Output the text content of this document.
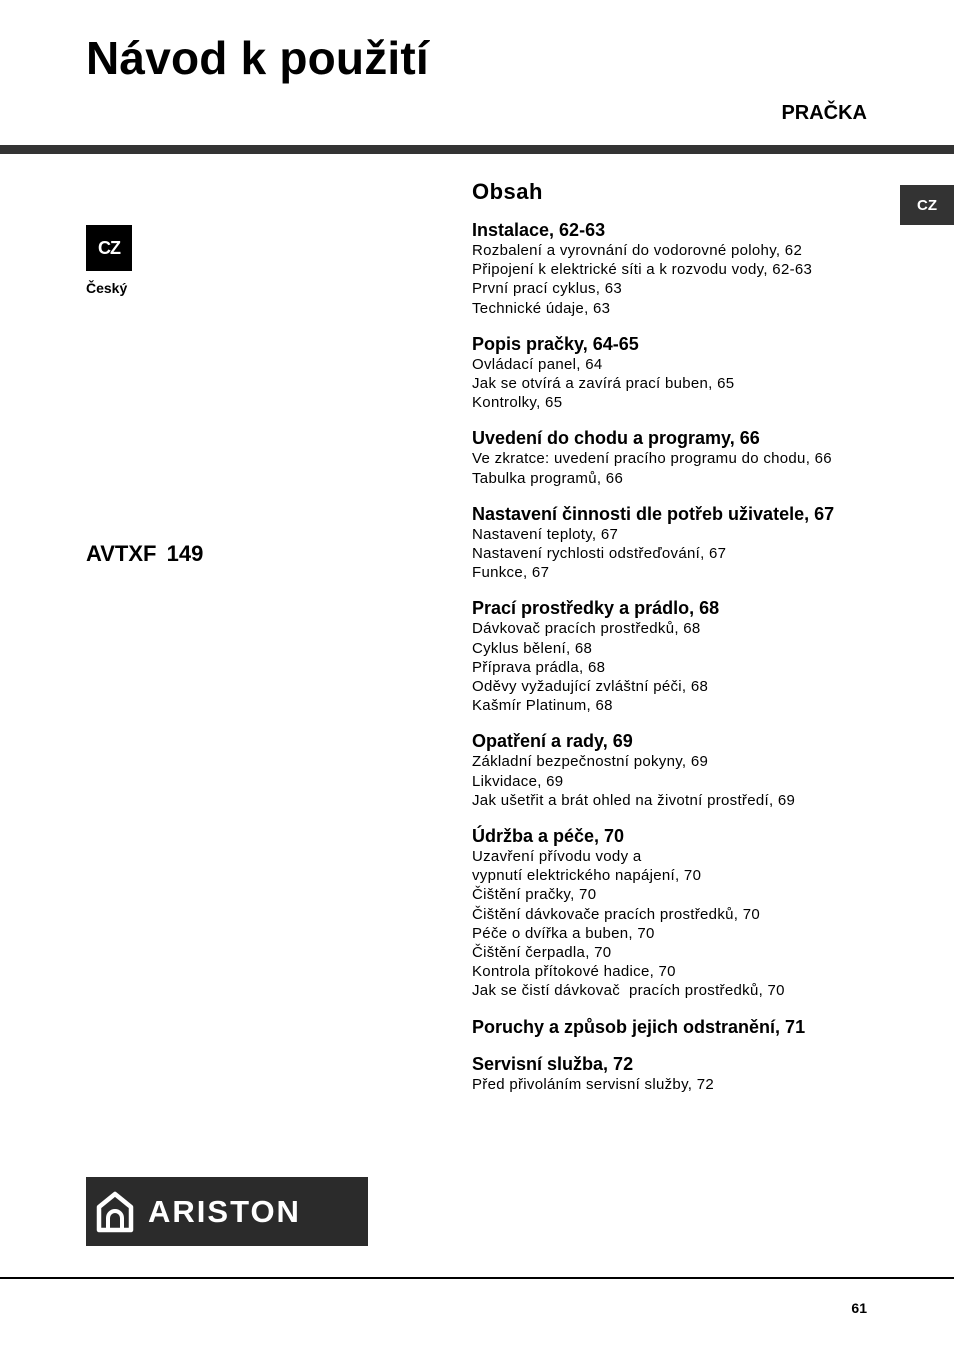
Návod k použití
PRAČKA
CZ
CZ
Český
AVTXF 149
Obsah
Instalace, 62-63
Rozbalení a vyrovnání do vodorovné polohy, 62
Připojení k elektrické síti a k rozvodu vody, 62-63
První prací cyklus, 63
Technické údaje, 63
Popis pračky, 64-65
Ovládací panel, 64
Jak se otvírá a zavírá prací buben, 65
Kontrolky, 65
Uvedení do chodu a programy, 66
Ve zkratce: uvedení pracího programu do chodu, 66
Tabulka programů, 66
Nastavení činnosti dle potřeb uživatele, 67
Nastavení teploty, 67
Nastavení rychlosti odstřeďování, 67
Funkce, 67
Prací prostředky a prádlo, 68
Dávkovač pracích prostředků, 68
Cyklus bělení, 68
Příprava prádla, 68
Oděvy vyžadující zvláštní péči, 68
Kašmír Platinum, 68
Opatření a rady, 69
Základní bezpečnostní pokyny, 69
Likvidace, 69
Jak ušetřit a brát ohled na životní prostředí, 69
Údržba a péče, 70
Uzavření přívodu vody a
vypnutí elektrického napájení, 70
Čištění pračky, 70
Čištění dávkovače pracích prostředků, 70
Péče o dvířka a buben, 70
Čištění čerpadla, 70
Kontrola přítokové hadice, 70
Jak se čistí dávkovač  pracích prostředků, 70
Poruchy a způsob jejich odstranění, 71
Servisní služba, 72
Před přivoláním servisní služby, 72
ARISTON
61
